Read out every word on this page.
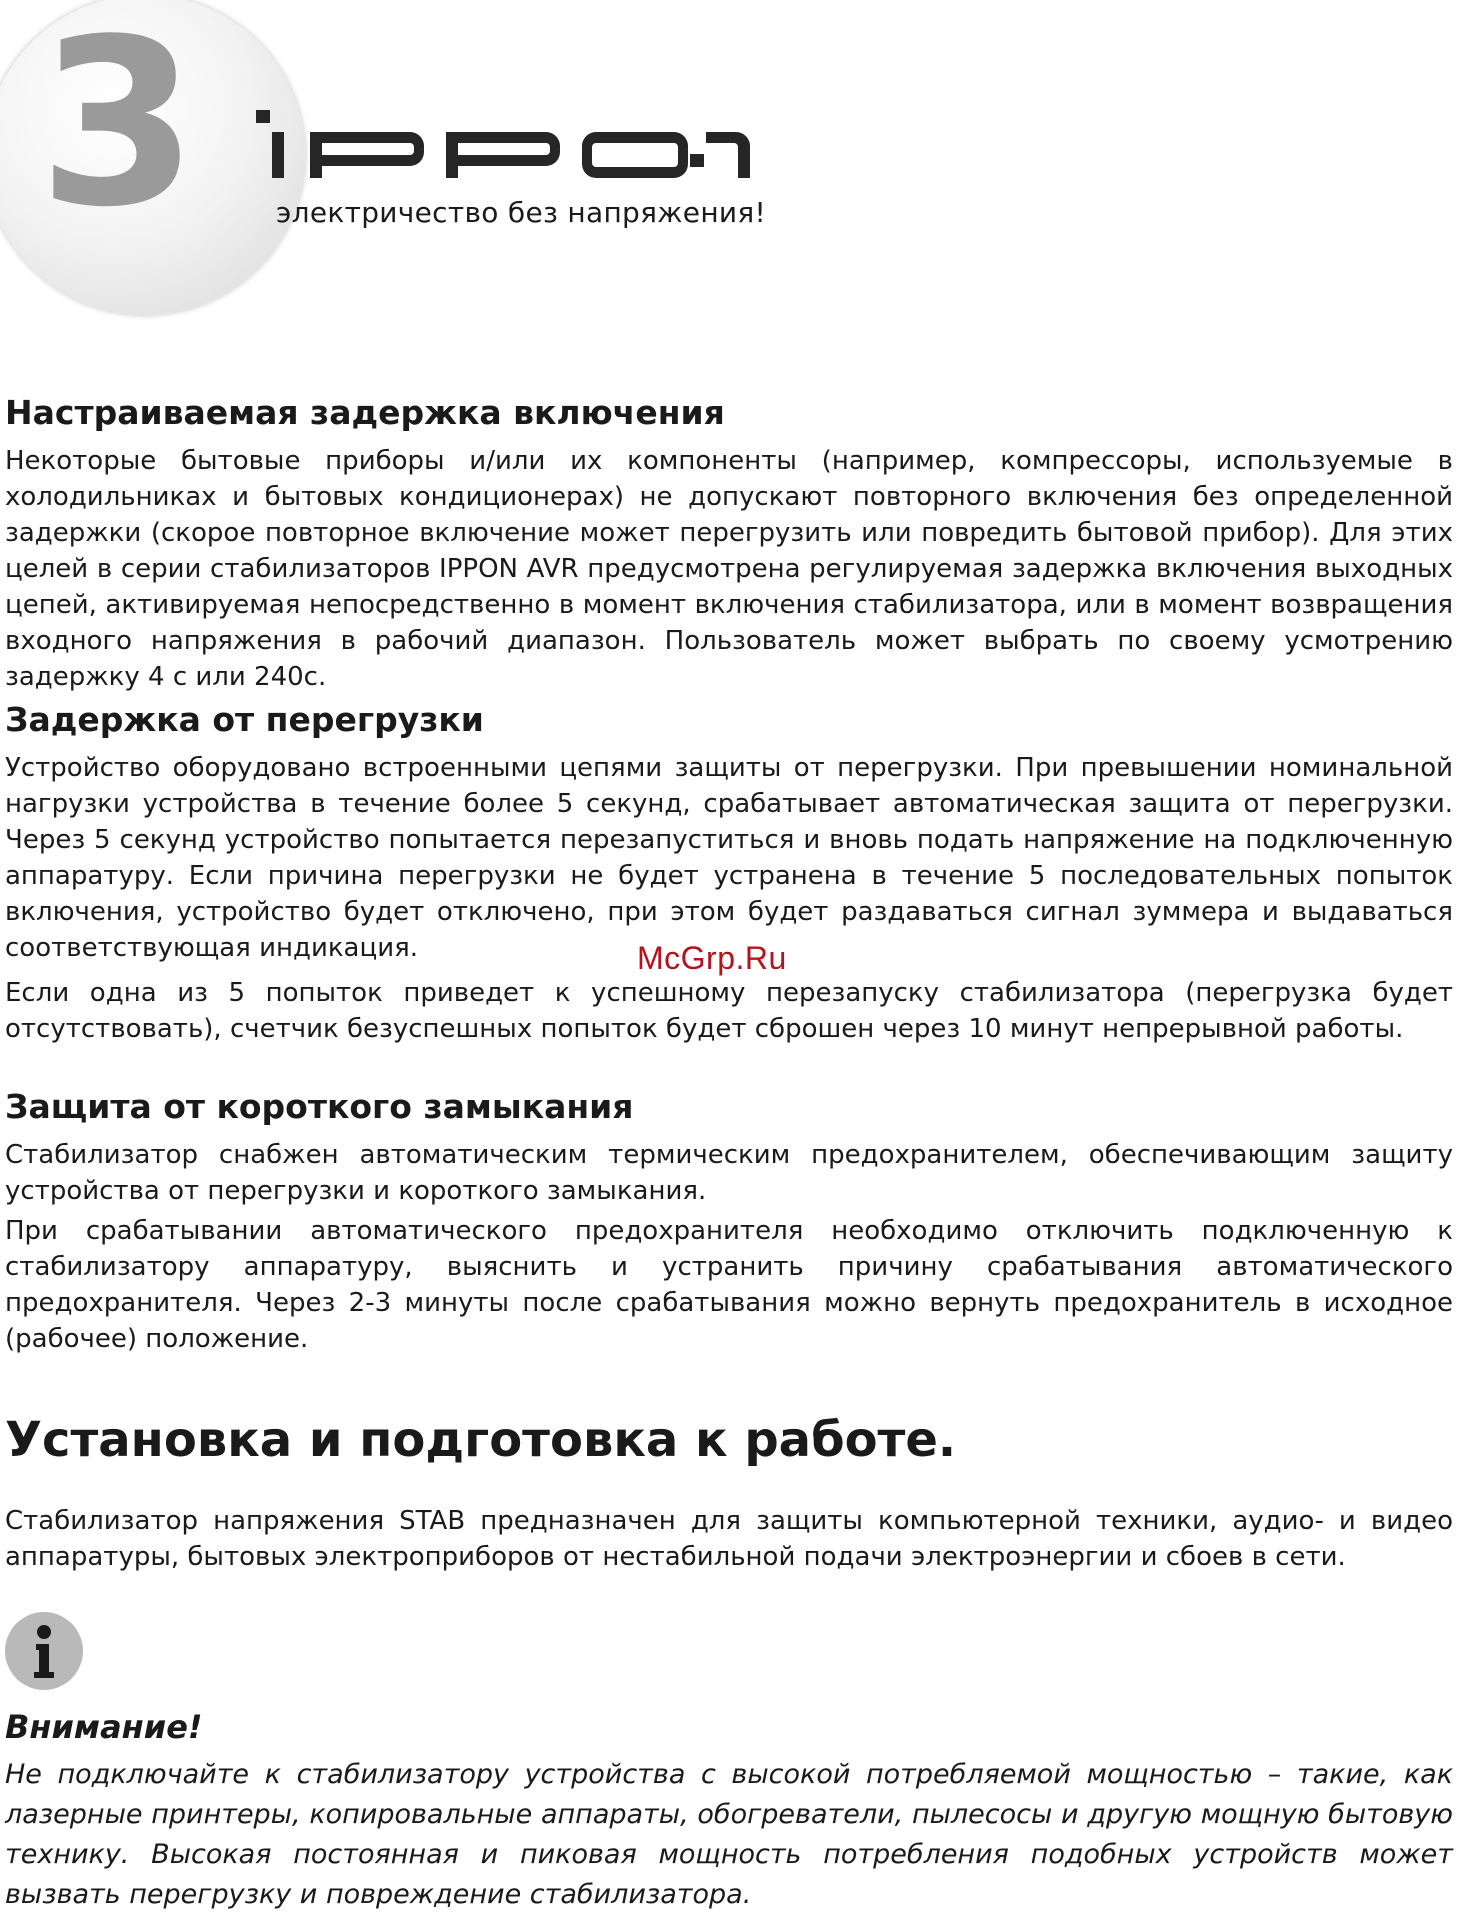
3	электричество без напряжения!
Настраиваемая задержка включения

Некоторые бытовые приборы и/или их компоненты (например, компрессоры, используемые в холодильниках и бытовых кондиционерах) не допускают повторного включения без определенной задержки (скорое повторное включение может перегрузить или повредить бытовой прибор). Для этих целей в серии стабилизаторов IPPON AVR предусмотрена регулируемая задержка включения выходных цепей, активируемая непосредственно в момент включения стабилизатора, или в момент возвращения входного напряжения в рабочий диапазон. Пользователь может выбрать по своему усмотрению задержку 4 с или 240с.

Задержка от перегрузки

Устройство оборудовано встроенными цепями защиты от перегрузки. При превышении номинальной нагрузки устройства в течение более 5 секунд, срабатывает автоматическая защита от перегрузки. Через 5 секунд устройство попытается перезапуститься и вновь подать напряжение на подключенную аппаратуру. Если причина перегрузки не будет устранена в течение 5 последовательных попыток включения, устройство будет отключено, при этом будет раздаваться сигнал зуммера и выдаваться соответствующая индикация.

Если одна из 5 попыток приведет к успешному перезапуску стабилизатора (перегрузка будет отсутствовать), счетчик безуспешных попыток будет сброшен через 10 минут непрерывной работы.

McGrp.Ru
Защита от короткого замыкания

Стабилизатор снабжен автоматическим термическим предохранителем, обеспечивающим защиту устройства от перегрузки и короткого замыкания.

При срабатывании автоматического предохранителя необходимо отключить подключенную к стабилизатору аппаратуру, выяснить и устранить причину срабатывания автоматического предохранителя. Через 2-3 минуты после срабатывания можно вернуть предохранитель в исходное (рабочее) положение.

Установка и подготовка к работе.

Стабилизатор напряжения STAB предназначен для защиты компьютерной техники, аудио- и видео аппаратуры, бытовых электроприборов от нестабильной подачи электроэнергии и сбоев в сети.

Внимание!

Не подключайте к стабилизатору устройства с высокой потребляемой мощностью – такие, как лазерные принтеры, копировальные аппараты, обогреватели, пылесосы и другую мощную бытовую технику. Высокая постоянная и пиковая мощность потребления подобных устройств может вызвать перегрузку и повреждение стабилизатора.
